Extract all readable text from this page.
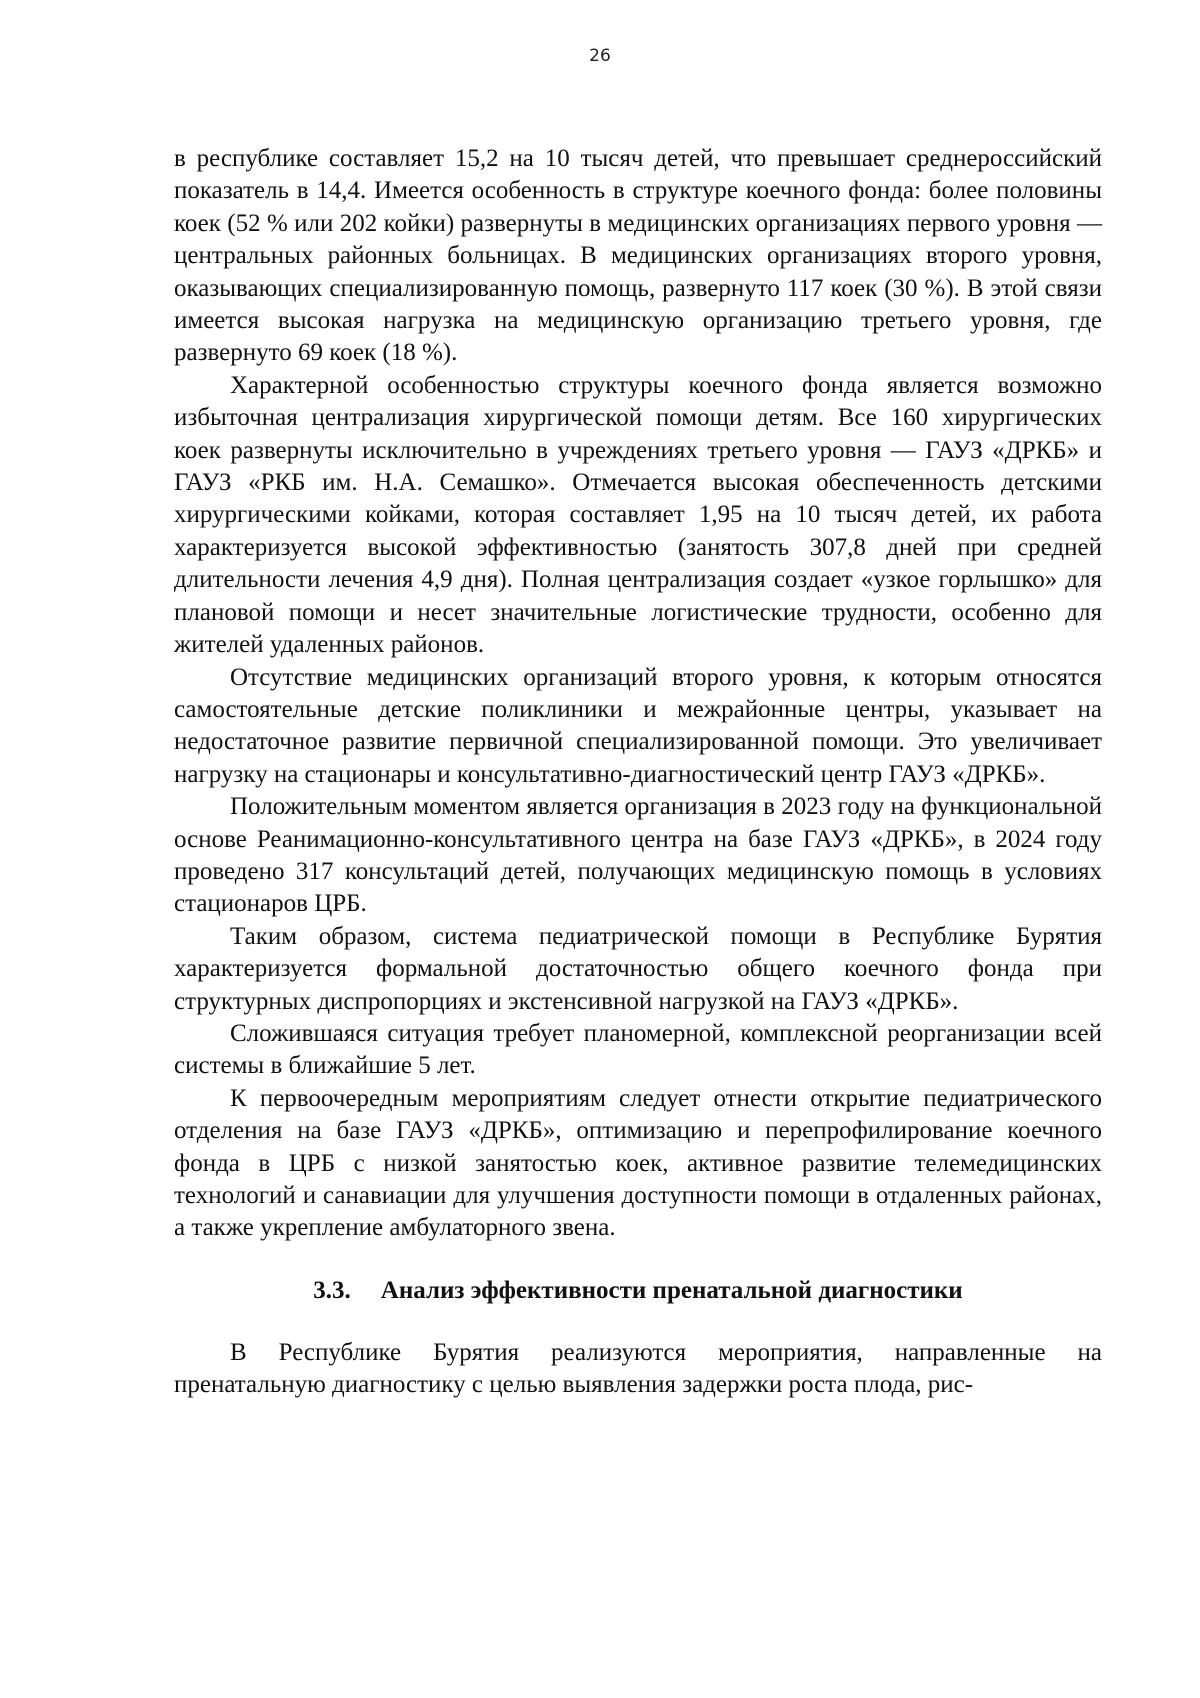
26

в республике составляет 15,2 на 10 тысяч детей, что превышает среднероссийский показатель в 14,4. Имеется особенность в структуре коечного фонда: более половины коек (52 % или 202 койки) развернуты в медицинских организациях первого уровня — центральных районных больницах. В медицинских организациях второго уровня, оказывающих специализированную помощь, развернуто 117 коек (30 %). В этой связи имеется высокая нагрузка на медицинскую организацию третьего уровня, где развернуто 69 коек (18 %).

Характерной особенностью структуры коечного фонда является возможно избыточная централизация хирургической помощи детям. Все 160 хирургических коек развернуты исключительно в учреждениях третьего уровня — ГАУЗ «ДРКБ» и ГАУЗ «РКБ им. Н.А. Семашко». Отмечается высокая обеспеченность детскими хирургическими койками, которая составляет 1,95 на 10 тысяч детей, их работа характеризуется высокой эффективностью (занятость 307,8 дней при средней длительности лечения 4,9 дня). Полная централизация создает «узкое горлышко» для плановой помощи и несет значительные логистические трудности, особенно для жителей удаленных районов.

Отсутствие медицинских организаций второго уровня, к которым относятся самостоятельные детские поликлиники и межрайонные центры, указывает на недостаточное развитие первичной специализированной помощи. Это увеличивает нагрузку на стационары и консультативно-диагностический центр ГАУЗ «ДРКБ».

Положительным моментом является организация в 2023 году на функциональной основе Реанимационно-консультативного центра на базе ГАУЗ «ДРКБ», в 2024 году проведено 317 консультаций детей, получающих медицинскую помощь в условиях стационаров ЦРБ.

Таким образом, система педиатрической помощи в Республике Бурятия характеризуется формальной достаточностью общего коечного фонда при структурных диспропорциях и экстенсивной нагрузкой на ГАУЗ «ДРКБ».

Сложившаяся ситуация требует планомерной, комплексной реорганизации всей системы в ближайшие 5 лет.

К первоочередным мероприятиям следует отнести открытие педиатрического отделения на базе ГАУЗ «ДРКБ», оптимизацию и перепрофилирование коечного фонда в ЦРБ с низкой занятостью коек, активное развитие телемедицинских технологий и санавиации для улучшения доступности помощи в отдаленных районах, а также укрепление амбулаторного звена.

3.3. Анализ эффективности пренатальной диагностики

В Республике Бурятия реализуются мероприятия, направленные на пренатальную диагностику с целью выявления задержки роста плода, рис-
